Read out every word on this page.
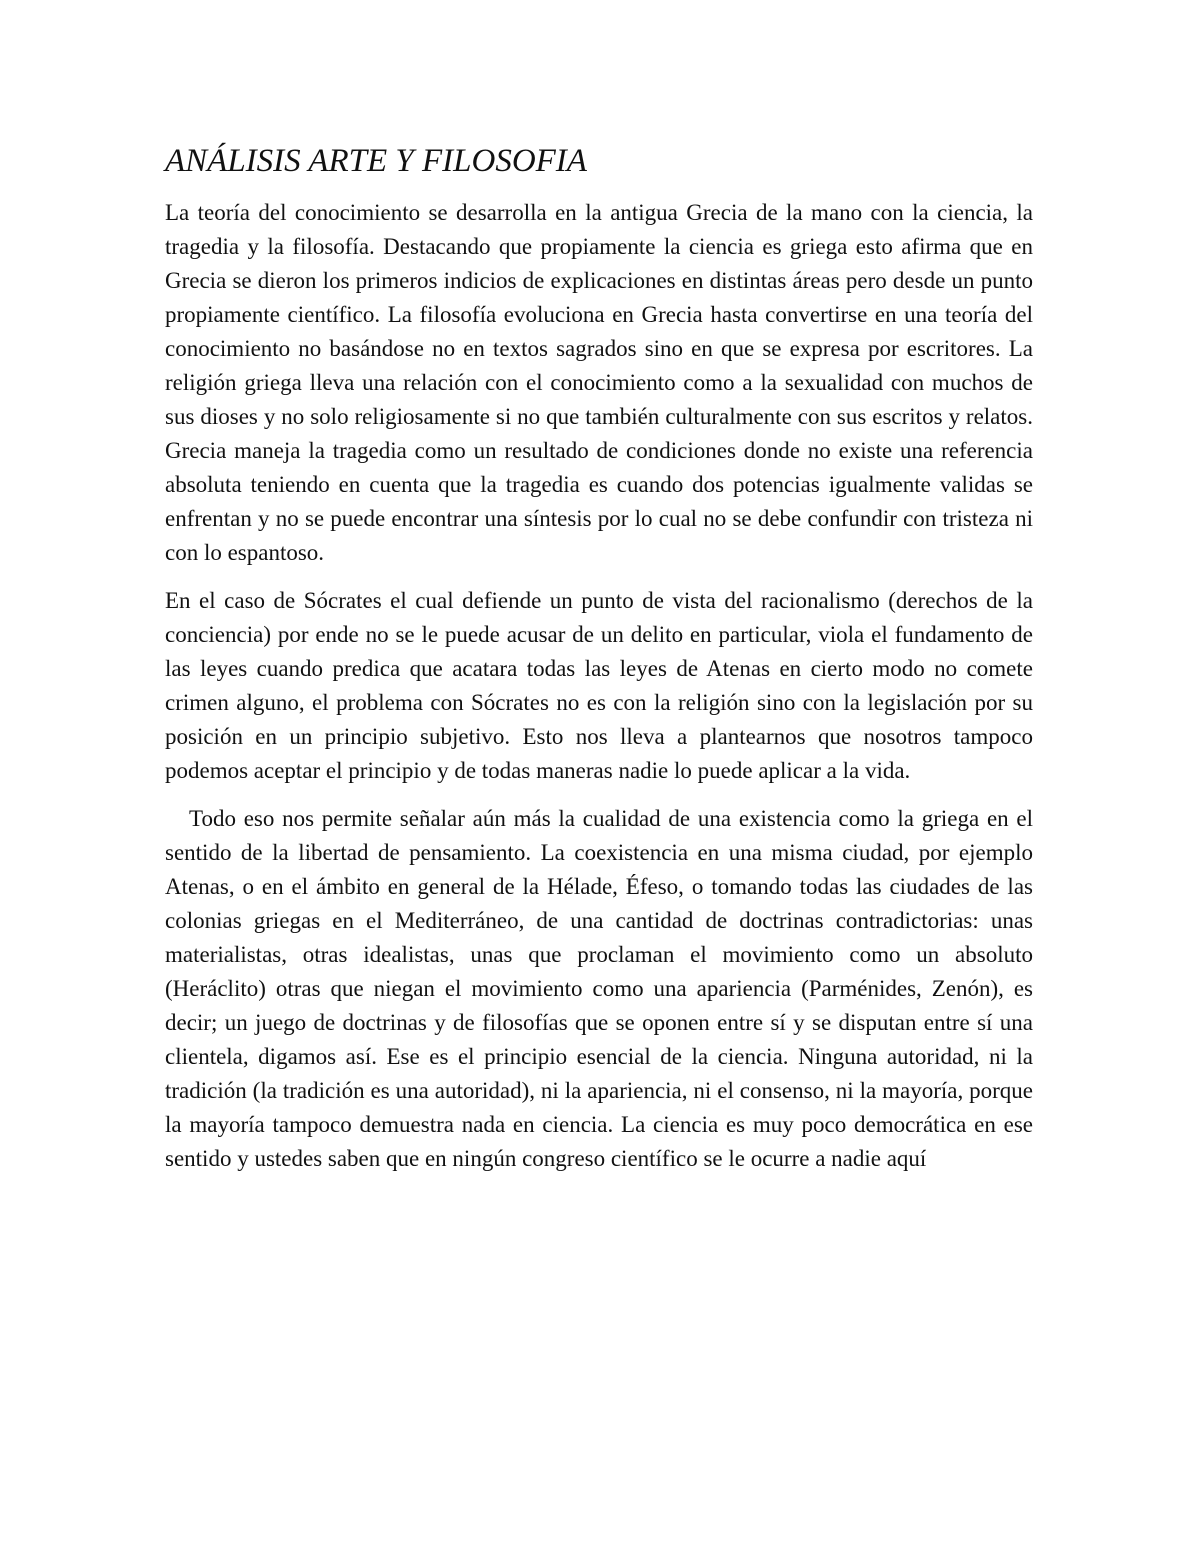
ANÁLISIS ARTE Y FILOSOFIA

La teoría del conocimiento se desarrolla en la antigua Grecia de la mano con la ciencia, la tragedia y la filosofía. Destacando que propiamente la ciencia es griega esto afirma que en Grecia se dieron los primeros indicios de explicaciones en distintas áreas pero desde un punto propiamente científico. La filosofía evoluciona en Grecia hasta convertirse en una teoría del conocimiento no basándose no en textos sagrados sino en que se expresa por escritores. La religión griega lleva una relación con el conocimiento como a la sexualidad con muchos de sus dioses y no solo religiosamente si no que también culturalmente con sus escritos y relatos. Grecia maneja la tragedia como un resultado de condiciones donde no existe una referencia absoluta teniendo en cuenta que la tragedia es cuando dos potencias igualmente validas se enfrentan y no se puede encontrar una síntesis por lo cual no se debe confundir con tristeza ni con lo espantoso.

En el caso de Sócrates el cual defiende un punto de vista del racionalismo (derechos de la conciencia) por ende no se le puede acusar de un delito en particular, viola el fundamento de las leyes cuando predica que acatara todas las leyes de Atenas en cierto modo no comete crimen alguno, el problema con Sócrates no es con la religión sino con la legislación por su posición en un principio subjetivo. Esto nos lleva a plantearnos que nosotros tampoco podemos aceptar el principio y de todas maneras nadie lo puede aplicar a la vida.

Todo eso nos permite señalar aún más la cualidad de una existencia como la griega en el sentido de la libertad de pensamiento. La coexistencia en una misma ciudad, por ejemplo Atenas, o en el ámbito en general de la Hélade, Éfeso, o tomando todas las ciudades de las colonias griegas en el Mediterráneo, de una cantidad de doctrinas contradictorias: unas materialistas, otras idealistas, unas que proclaman el movimiento como un absoluto (Heráclito) otras que niegan el movimiento como una apariencia (Parménides, Zenón), es decir; un juego de doctrinas y de filosofías que se oponen entre sí y se disputan entre sí una clientela, digamos así. Ese es el principio esencial de la ciencia. Ninguna autoridad, ni la tradición (la tradición es una autoridad), ni la apariencia, ni el consenso, ni la mayoría, porque la mayoría tampoco demuestra nada en ciencia. La ciencia es muy poco democrática en ese sentido y ustedes saben que en ningún congreso científico se le ocurre a nadie aquí
